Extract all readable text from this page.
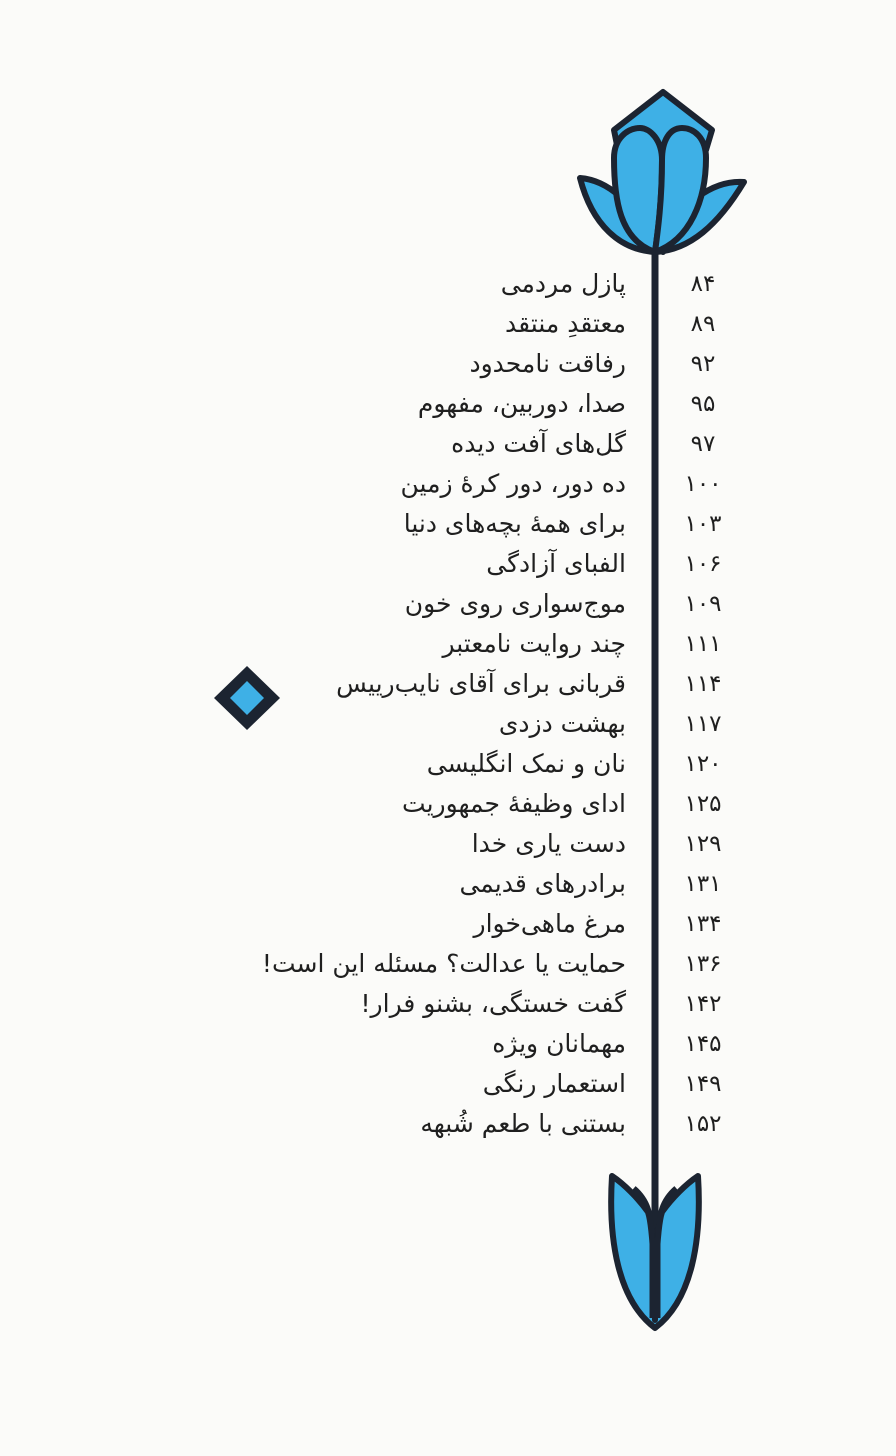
پازل مردمی	۸۴
معتقدِ منتقد	۸۹
رفاقت نامحدود	۹۲
صدا، دوربین، مفهوم	۹۵
گل‌های آفت دیده	۹۷
ده دور، دور کرهٔ زمین	۱۰۰
برای همهٔ بچه‌های دنیا	۱۰۳
الفبای آزادگی	۱۰۶
موج‌سواری روی خون	۱۰۹
چند روایت نامعتبر	۱۱۱
قربانی برای آقای نایب‌رییس	۱۱۴
بهشت دزدی	۱۱۷
نان و نمک انگلیسی	۱۲۰
ادای وظیفهٔ جمهوریت	۱۲۵
دست یاری خدا	۱۲۹
برادرهای قدیمی	۱۳۱
مرغ ماهی‌خوار	۱۳۴
حمایت یا عدالت؟ مسئله این است!	۱۳۶
گفت خستگی، بشنو فرار!	۱۴۲
مهمانان ویژه	۱۴۵
استعمار رنگی	۱۴۹
بستنی با طعم شُبهه	۱۵۲
